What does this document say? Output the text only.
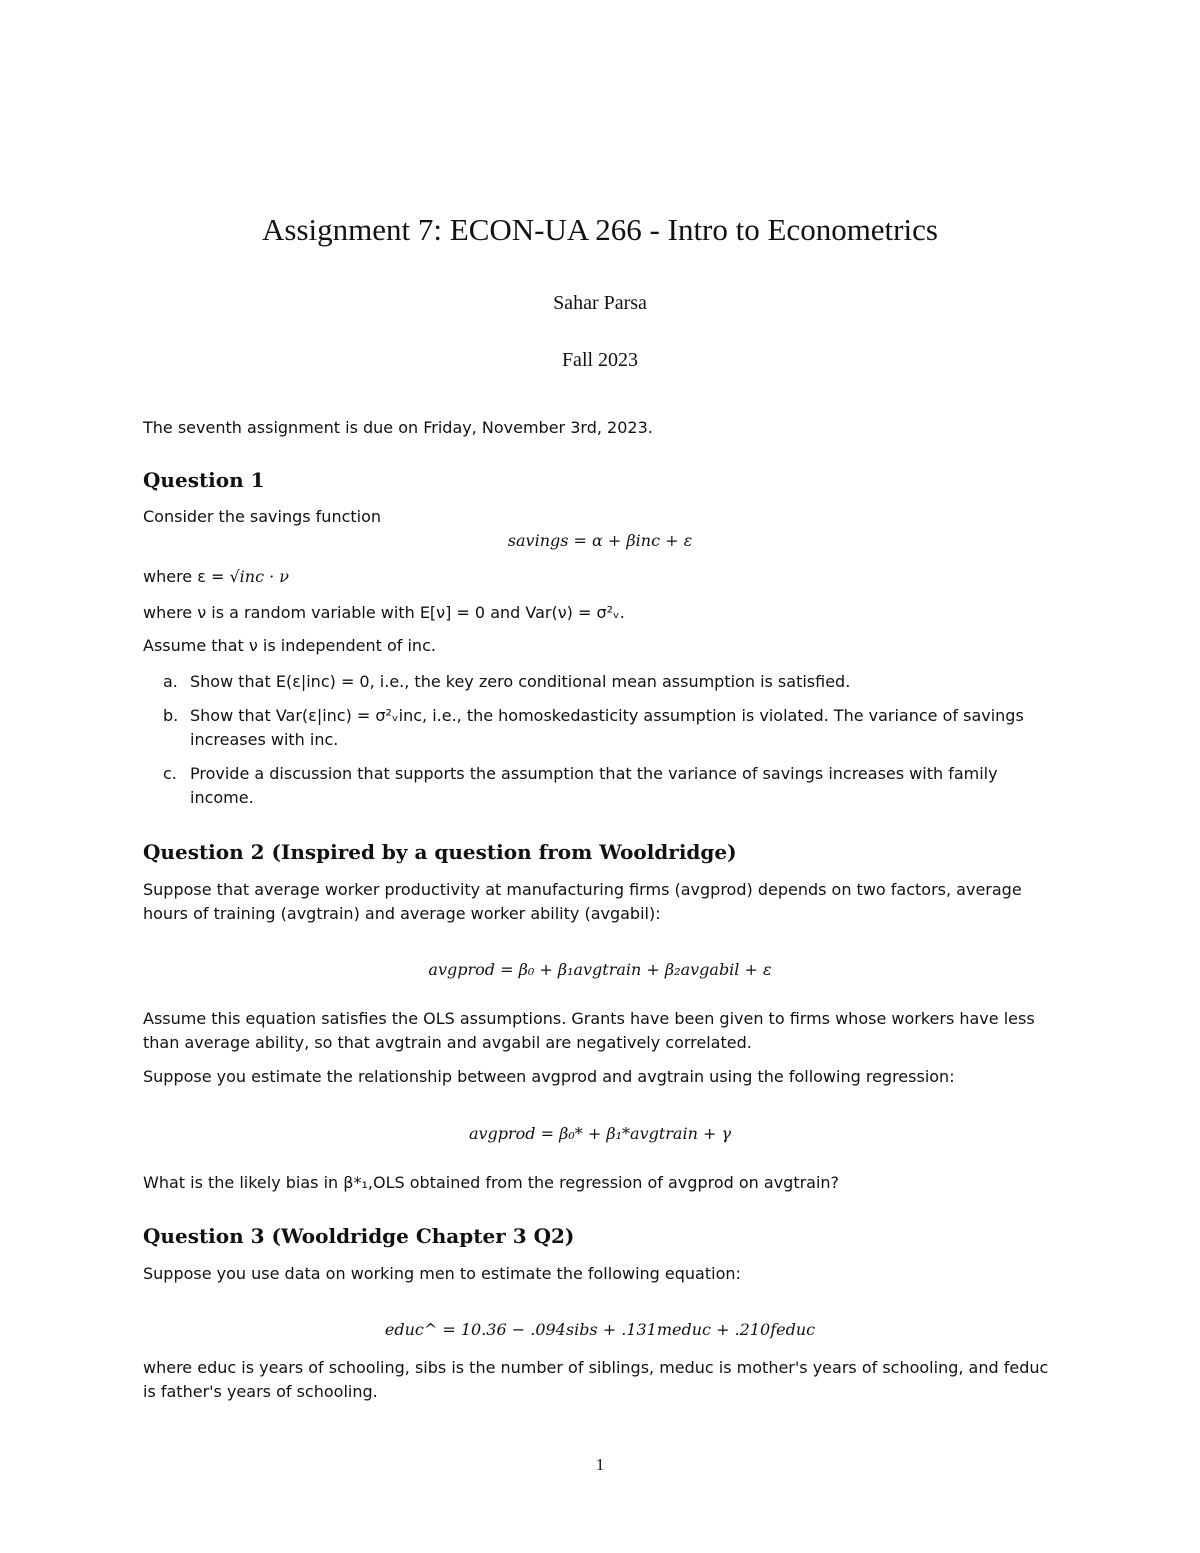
Assignment 7: ECON-UA 266 - Intro to Econometrics
Sahar Parsa
Fall 2023

The seventh assignment is due on Friday, November 3rd, 2023.

Question 1

Consider the savings function

savings = α + βinc + ε

where ε = √inc · ν

where ν is a random variable with E[ν] = 0 and Var(ν) = σ²ᵥ.

Assume that ν is independent of inc.

a. Show that E(ε|inc) = 0, i.e., the key zero conditional mean assumption is satisfied.
b. Show that Var(ε|inc) = σ²ᵥinc, i.e., the homoskedasticity assumption is violated. The variance of savings increases with inc.
c. Provide a discussion that supports the assumption that the variance of savings increases with family income.
Question 2 (Inspired by a question from Wooldridge)

Suppose that average worker productivity at manufacturing firms (avgprod) depends on two factors, average hours of training (avgtrain) and average worker ability (avgabil):

avgprod = β₀ + β₁avgtrain + β₂avgabil + ε

Assume this equation satisfies the OLS assumptions. Grants have been given to firms whose workers have less than average ability, so that avgtrain and avgabil are negatively correlated.

Suppose you estimate the relationship between avgprod and avgtrain using the following regression:

avgprod = β₀* + β₁*avgtrain + γ

What is the likely bias in β*₁,OLS obtained from the regression of avgprod on avgtrain?

Question 3 (Wooldridge Chapter 3 Q2)

Suppose you use data on working men to estimate the following equation:

educ^ = 10.36 − .094sibs + .131meduc + .210feduc

where educ is years of schooling, sibs is the number of siblings, meduc is mother's years of schooling, and feduc is father's years of schooling.

1
